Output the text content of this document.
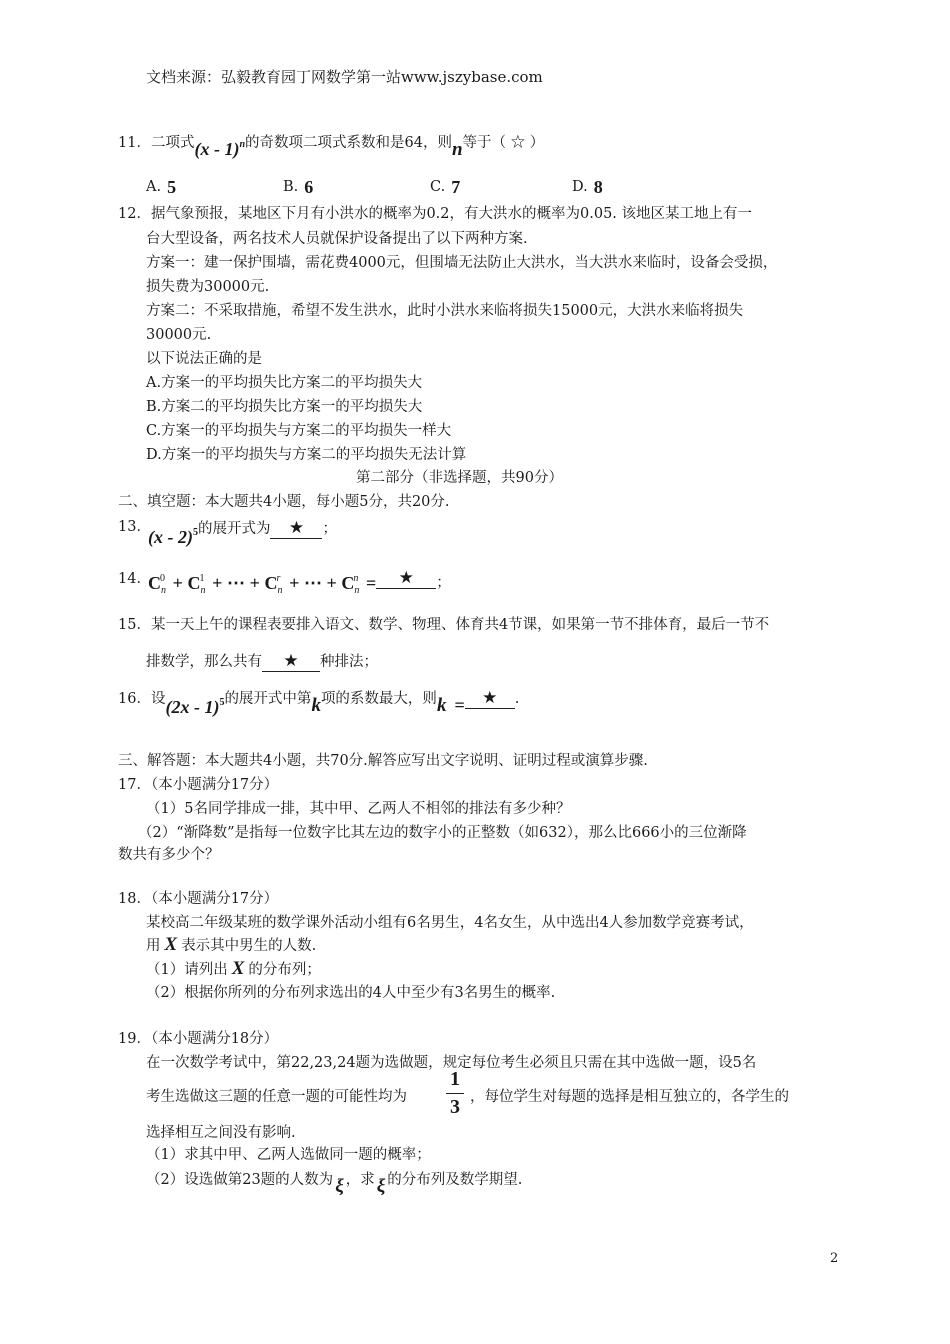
文档来源：弘毅教育园丁网数学第一站www.jszybase.com
11．二项式(x - 1)$^n$的奇数项二项式系数和是64，则n等于（ ☆ ）
A. 5	B. 6	C. 7	D. 8
12．据气象预报，某地区下月有小洪水的概率为0.2，有大洪水的概率为0.05. 该地区某工地上有一
台大型设备，两名技术人员就保护设备提出了以下两种方案.
方案一：建一保护围墙，需花费4000元，但围墙无法防止大洪水，当大洪水来临时，设备会受损，
损失费为30000元.
方案二：不采取措施，希望不发生洪水，此时小洪水来临将损失15000元，大洪水来临将损失
30000元.
以下说法正确的是
A.方案一的平均损失比方案二的平均损失大
B.方案二的平均损失比方案一的平均损失大
C.方案一的平均损失与方案二的平均损失一样大
D.方案一的平均损失与方案二的平均损失无法计算
第二部分（非选择题，共90分）
二、填空题：本大题共4小题，每小题5分，共20分.
13．
(x - 2)$^5$的展开式为 ★ ；
14．
C 0
$_n$ + C 1
$_n$ + ⋯ + C r
$_n$ + ⋯ + C n
$_n$ = ★ ；
15．某一天上午的课程表要排入语文、数学、物理、体育共4节课，如果第一节不排体育，最后一节不
排数学，那么共有 ★ 种排法；
16．设(2x - 1)$^5$的展开式中第k项的系数最大，则k = ★ .
三、解答题：本大题共4小题，共70分.解答应写出文字说明、证明过程或演算步骤.
17．（本小题满分17分）
（1）5名同学排成一排，其中甲、乙两人不相邻的排法有多少种？
（2）“渐降数”是指每一位数字比其左边的数字小的正整数（如632），那么比666小的三位渐降
数共有多少个？
18．（本小题满分17分）
某校高二年级某班的数学课外活动小组有6名男生，4名女生，从中选出4人参加数学竞赛考试，
用 X 表示其中男生的人数.
（1）请列出 X 的分布列；
（2）根据你所列的分布列求选出的4人中至少有3名男生的概率.
19．（本小题满分18分）
在一次数学考试中，第22,23,24题为选做题，规定每位考生必须且只需在其中选做一题，设5名
考生选做这三题的任意一题的可能性均为
1
3 ，每位学生对每题的选择是相互独立的，各学生的
选择相互之间没有影响.
（1）求其中甲、乙两人选做同一题的概率；
（2）设选做第23题的人数为 ξ ，求 ξ 的分布列及数学期望.
2
